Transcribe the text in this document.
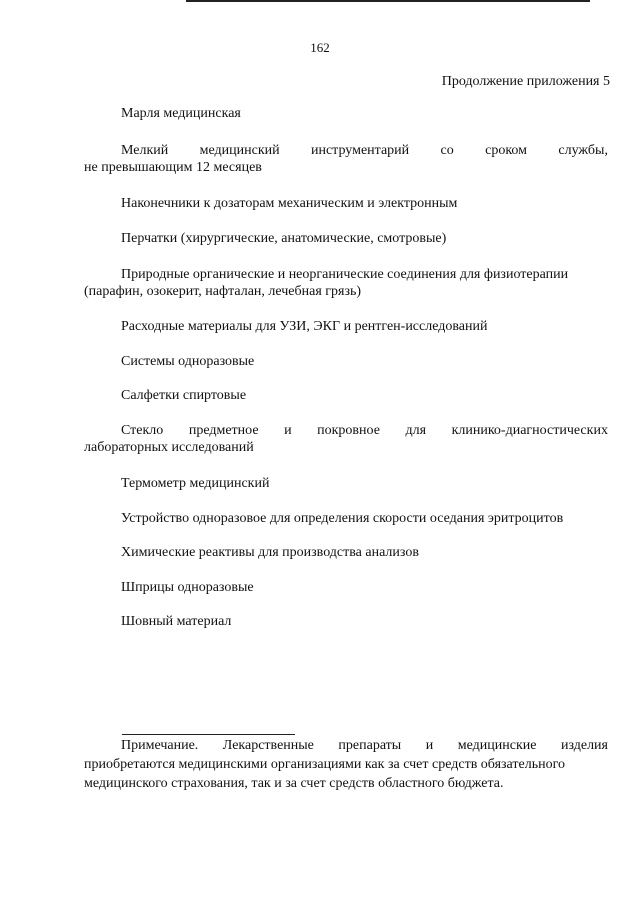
162
Продолжение приложения 5
Марля медицинская
Мелкий медицинский инструментарий со сроком службы,
не превышающим 12 месяцев
Наконечники к дозаторам механическим и электронным
Перчатки (хирургические, анатомические, смотровые)
Природные органические и неорганические соединения для физиотерапии
(парафин, озокерит, нафталан, лечебная грязь)
Расходные материалы для УЗИ, ЭКГ и рентген-исследований
Системы одноразовые
Салфетки спиртовые
Стекло предметное и покровное для клинико-диагностических
лабораторных исследований
Термометр медицинский
Устройство одноразовое для определения скорости оседания эритроцитов
Химические реактивы для производства анализов
Шприцы одноразовые
Шовный материал
Примечание. Лекарственные препараты и медицинские изделия
приобретаются медицинскими организациями как за счет средств обязательного
медицинского страхования, так и за счет средств областного бюджета.
